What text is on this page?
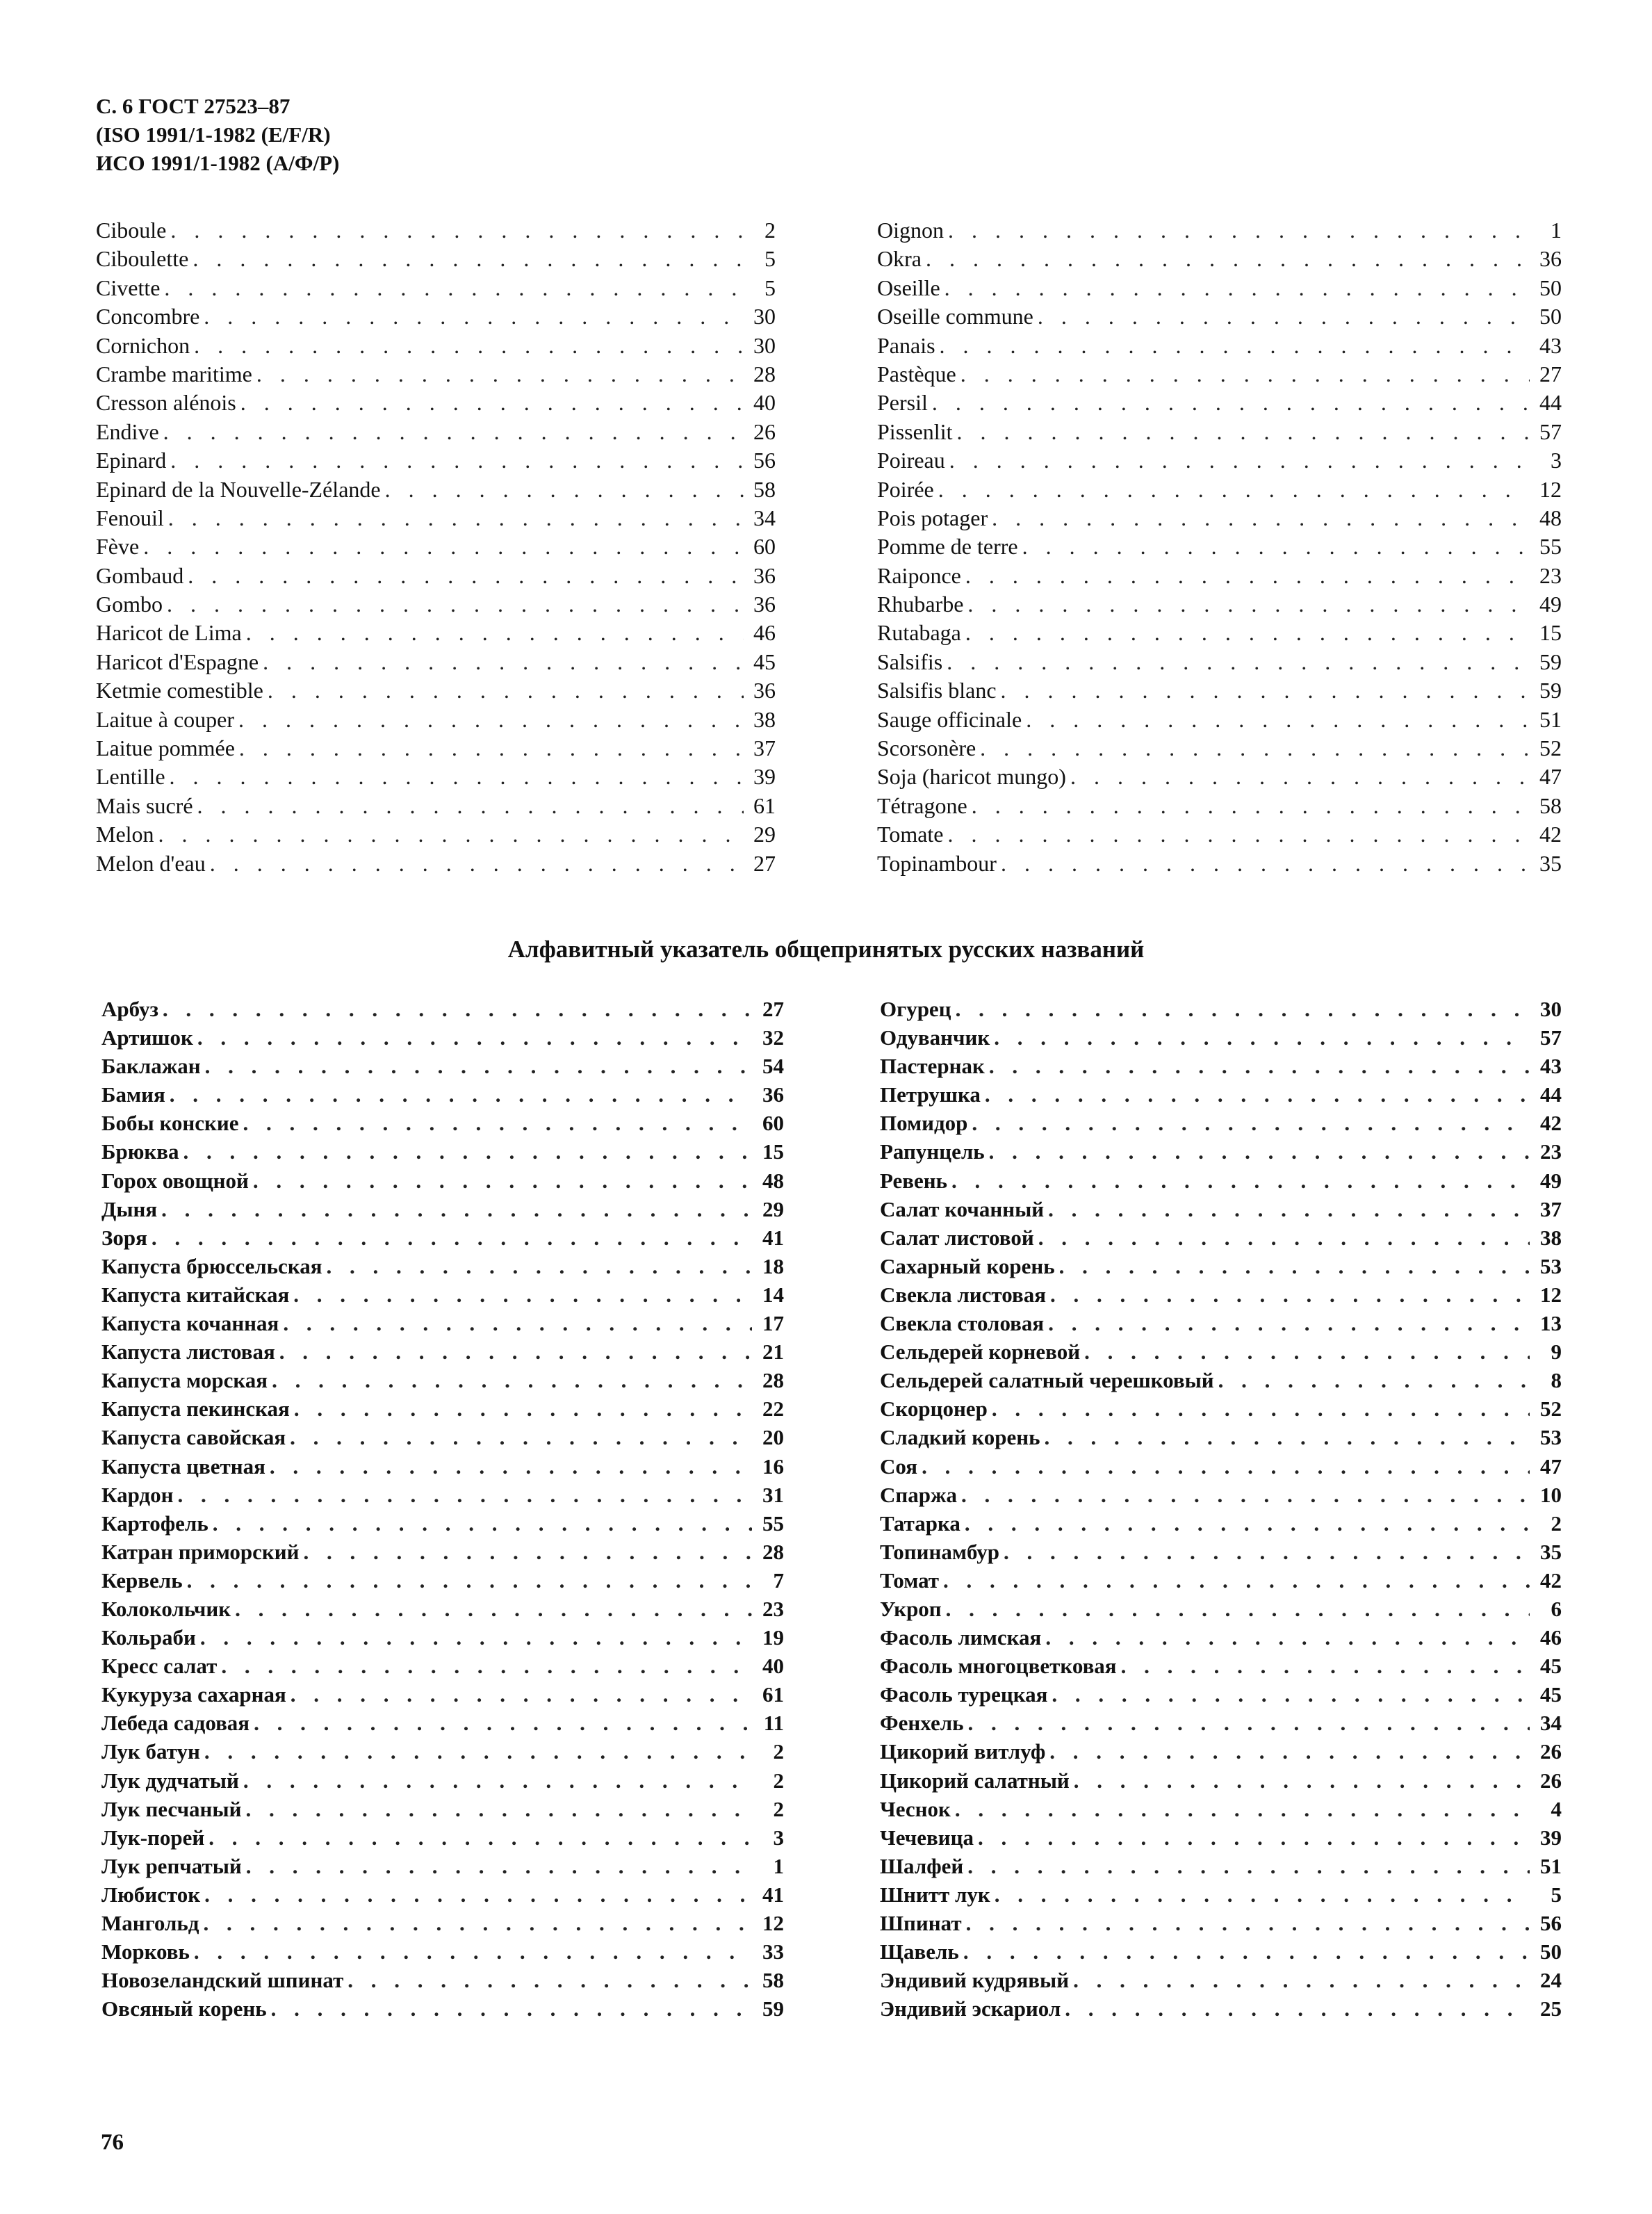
С. 6 ГОСТ 27523–87
(ISO 1991/1-1982 (E/F/R)
ИСО 1991/1-1982 (А/Ф/Р)
Ciboule . . .	2
Ciboulette . . .	5
Civette . . .	5
Concombre . . .	30
Cornichon . . .	30
Crambe maritime . . .	28
Cresson alénois . . .	40
Endive . . .	26
Epinard . . .	56
Epinard de la Nouvelle-Zélande . . .	58
Fenouil . . .	34
Fève . . .	60
Gombaud . . .	36
Gombo . . .	36
Haricot de Lima . . .	46
Haricot d'Espagne . . .	45
Ketmie comestible . . .	36
Laitue à couper . . .	38
Laitue pommée . . .	37
Lentille . . .	39
Mais sucré . . .	61
Melon . . .	29
Melon d'eau . . .	27
Oignon . . .	1
Okra . . .	36
Oseille . . .	50
Oseille commune . . .	50
Panais . . .	43
Pastèque . . .	27
Persil . . .	44
Pissenlit . . .	57
Poireau . . .	3
Poirée . . .	12
Pois potager . . .	48
Pomme de terre . . .	55
Raiponce . . .	23
Rhubarbe . . .	49
Rutabaga . . .	15
Salsifis . . .	59
Salsifis blanc . . .	59
Sauge officinale . . .	51
Scorsonère . . .	52
Soja (haricot mungo) . . .	47
Tétragone . . .	58
Tomate . . .	42
Topinambour . . .	35
Алфавитный указатель общепринятых русских названий
Арбуз . . .	27
Артишок . . .	32
Баклажан . . .	54
Бамия . . .	36
Бобы конские . . .	60
Брюква . . .	15
Горох овощной . . .	48
Дыня . . .	29
Зоря . . .	41
Капуста брюссельская . . .	18
Капуста китайская . . .	14
Капуста кочанная . . .	17
Капуста листовая . . .	21
Капуста морская . . .	28
Капуста пекинская . . .	22
Капуста савойская . . .	20
Капуста цветная . . .	16
Кардон . . .	31
Картофель . . .	55
Катран приморский . . .	28
Кервель . . .	7
Колокольчик . . .	23
Кольраби . . .	19
Кресс салат . . .	40
Кукуруза сахарная . . .	61
Лебеда садовая . . .	11
Лук батун . . .	2
Лук дудчатый . . .	2
Лук песчаный . . .	2
Лук-порей . . .	3
Лук репчатый . . .	1
Любисток . . .	41
Мангольд . . .	12
Морковь . . .	33
Новозеландский шпинат . . .	58
Овсяный корень . . .	59
Огурец . . .	30
Одуванчик . . .	57
Пастернак . . .	43
Петрушка . . .	44
Помидор . . .	42
Рапунцель . . .	23
Ревень . . .	49
Салат кочанный . . .	37
Салат листовой . . .	38
Сахарный корень . . .	53
Свекла листовая . . .	12
Свекла столовая . . .	13
Сельдерей корневой . . .	9
Сельдерей салатный черешковый . . .	8
Скорцонер . . .	52
Сладкий корень . . .	53
Соя . . .	47
Спаржа . . .	10
Татарка . . .	2
Топинамбур . . .	35
Томат . . .	42
Укроп . . .	6
Фасоль лимская . . .	46
Фасоль многоцветковая . . .	45
Фасоль турецкая . . .	45
Фенхель . . .	34
Цикорий витлуф . . .	26
Цикорий салатный . . .	26
Чеснок . . .	4
Чечевица . . .	39
Шалфей . . .	51
Шнитт лук . . .	5
Шпинат . . .	56
Щавель . . .	50
Эндивий кудрявый . . .	24
Эндивий эскариол . . .	25
76
